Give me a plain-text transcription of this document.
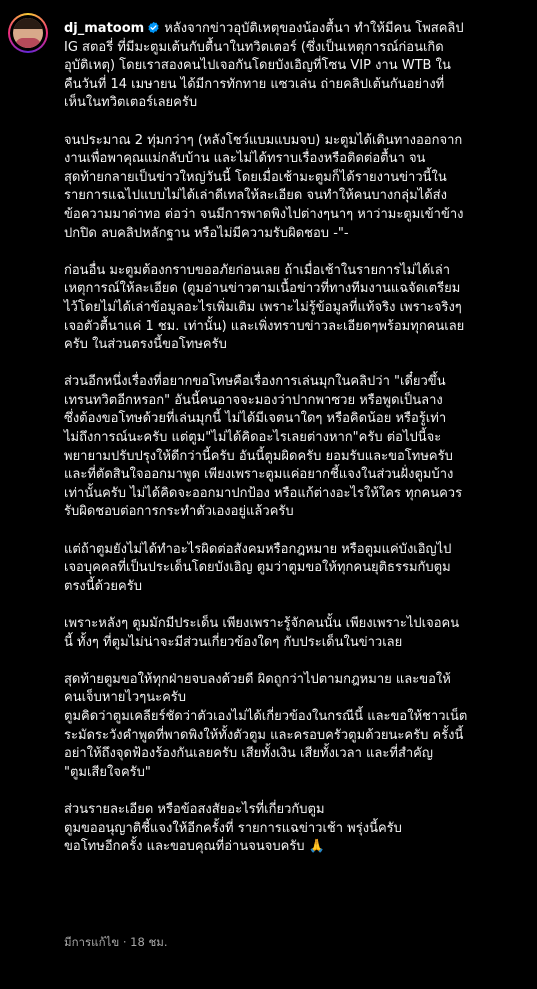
dj_matoom หลังจากข่าวอุบัติเหตุของน้องตื้นา ทำให้มีคน โพสคลิป
IG สตอรี่ ที่มีมะตูมเต้นกับตื้นาในทวิตเตอร์ (ซึ่งเป็นเหตุการณ์ก่อนเกิด
อุบัติเหตุ) โดยเราสองคนไปเจอกันโดยบังเอิญที่โซน VIP งาน WTB ใน
คืนวันที่ 14 เมษายน ได้มีการทักทาย แซวเล่น ถ่ายคลิปเต้นกันอย่างที่
เห็นในทวิตเตอร์เลยครับ
จนประมาณ 2 ทุ่มกว่าๆ (หลังโชว์แบมแบมจบ) มะตูมได้เดินทางออกจาก
งานเพื่อพาคุณแม่กลับบ้าน และไม่ได้ทราบเรื่องหรือติดต่อตื้นา จน
สุดท้ายกลายเป็นข่าวใหญ่วันนี้ โดยเมื่อเช้ามะตูมก็ได้รายงานข่าวนี้ใน
รายการแฉไปแบบไม่ได้เล่าดีเทลให้ละเอียด จนทำให้คนบางกลุ่มได้ส่ง
ข้อความมาด่าทอ ต่อว่า จนมีการพาดพิงไปต่างๆนาๆ หาว่ามะตูมเข้าข้าง
ปกปิด ลบคลิปหลักฐาน หรือไม่มีความรับผิดชอบ -"-
ก่อนอื่น มะตูมต้องกราบขออภัยก่อนเลย ถ้าเมื่อเช้าในรายการไม่ได้เล่า
เหตุการณ์ให้ละเอียด (ตูมอ่านข่าวตามเนื้อข่าวที่ทางทีมงานแฉจัดเตรียม
ไว้โดยไม่ได้เล่าข้อมูลอะไรเพิ่มเติม เพราะไม่รู้ข้อมูลที่แท้จริง เพราะจริงๆ
เจอตัวตื้นาแค่ 1 ชม. เท่านั้น) และเพิ่งทราบข่าวละเอียดๆพร้อมทุกคนเลย
ครับ ในส่วนตรงนี้ขอโทษครับ
ส่วนอีกหนึ่งเรื่องที่อยากขอโทษคือเรื่องการเล่นมุกในคลิปว่า "เดี๋ยวขึ้น
เทรนทวิตอีกหรอก" อันนี้คนอาจจะมองว่าปากพาซวย หรือพูดเป็นลาง
ซึ่งต้องขอโทษด้วยที่เล่นมุกนี้ ไม่ได้มีเจตนาใดๆ หรือคิดน้อย หรือรู้เท่า
ไม่ถึงการณ์นะครับ แต่ตูม"ไม่ได้คิดอะไรเลยต่างหาก"ครับ ต่อไปนี้จะ
พยายามปรับปรุงให้ดีกว่านี้ครับ อันนี้ตูมผิดครับ ยอมรับและขอโทษครับ
และที่ตัดสินใจออกมาพูด เพียงเพราะตูมแค่อยากชี้แจงในส่วนฝั่งตูมบ้าง
เท่านั้นครับ ไม่ได้คิดจะออกมาปกป้อง หรือแก้ต่างอะไรให้ใคร ทุกคนควร
รับผิดชอบต่อการกระทำตัวเองอยู่แล้วครับ
แต่ถ้าตูมยังไม่ได้ทำอะไรผิดต่อสังคมหรือกฎหมาย หรือตูมแค่บังเอิญไป
เจอบุคคลที่เป็นประเด็นโดยบังเอิญ ตูมว่าตูมขอให้ทุกคนยุติธรรมกับตูม
ตรงนี้ด้วยครับ
เพราะหลังๆ ตูมมักมีประเด็น เพียงเพราะรู้จักคนนั้น เพียงเพราะไปเจอคน
นี้ ทั้งๆ ที่ตูมไม่น่าจะมีส่วนเกี่ยวข้องใดๆ กับประเด็นในข่าวเลย
สุดท้ายตูมขอให้ทุกฝ่ายจบลงด้วยดี ผิดถูกว่าไปตามกฎหมาย และขอให้
คนเจ็บหายไวๆนะครับ
ตูมคิดว่าตูมเคลียร์ชัดว่าตัวเองไม่ได้เกี่ยวข้องในกรณีนี้ และขอให้ชาวเน็ต
ระมัดระวังคำพูดที่พาดพิงให้ทั้งตัวตูม และครอบครัวตูมด้วยนะครับ ครั้งนี้
อย่าให้ถึงจุดฟ้องร้องกันเลยครับ เสียทั้งเงิน เสียทั้งเวลา และที่สำคัญ
"ตูมเสียใจครับ"
ส่วนรายละเอียด หรือข้อสงสัยอะไรที่เกี่ยวกับตูม
ตูมขออนุญาติชี้แจงให้อีกครั้งที่ รายการแฉข่าวเช้า พรุ่งนี้ครับ
ขอโทษอีกครั้ง และขอบคุณที่อ่านจนจบครับ 🙏
มีการแก้ไข · 18 ชม.
